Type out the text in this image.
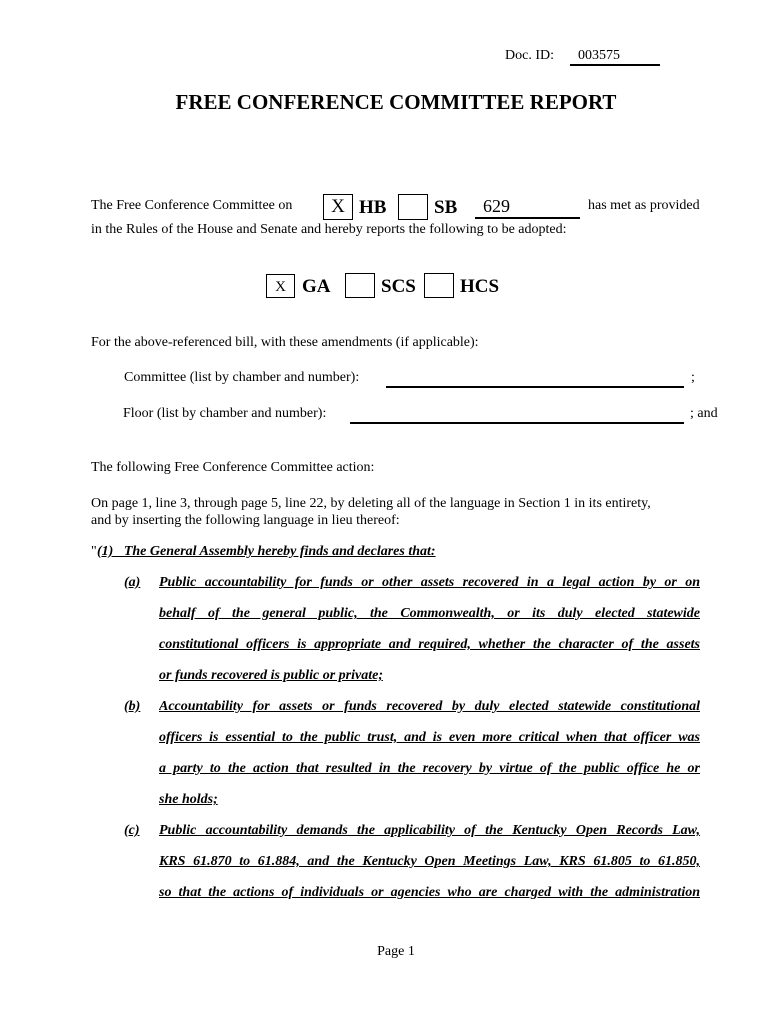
Doc. ID:	003575
FREE CONFERENCE COMMITTEE REPORT
The Free Conference Committee on	X HB	SB	629	has met as provided
in the Rules of the House and Senate and hereby reports the following to be adopted:
X GA	SCS HCS
For the above-referenced bill, with these amendments (if applicable):
Committee (list by chamber and number):	;
Floor (list by chamber and number):	; and
The following Free Conference Committee action:
On page 1, line 3, through page 5, line 22, by deleting all of the language in Section 1 in its entirety,
and by inserting the following language in lieu thereof:
" (1)   The General Assembly hereby finds and declares that:
(a) Public accountability for funds or other assets recovered in a legal action by or on
behalf of the general public, the Commonwealth, or its duly elected statewide
constitutional officers is appropriate and required, whether the character of the assets
or funds recovered is public or private;
(b) Accountability for assets or funds recovered by duly elected statewide constitutional
officers is essential to the public trust, and is even more critical when that officer was
a party to the action that resulted in the recovery by virtue of the public office he or
she holds;
(c) Public accountability demands the applicability of the Kentucky Open Records Law,
KRS 61.870 to 61.884, and the Kentucky Open Meetings Law, KRS 61.805 to 61.850,
so that the actions of individuals or agencies who are charged with the administration
Page 1
